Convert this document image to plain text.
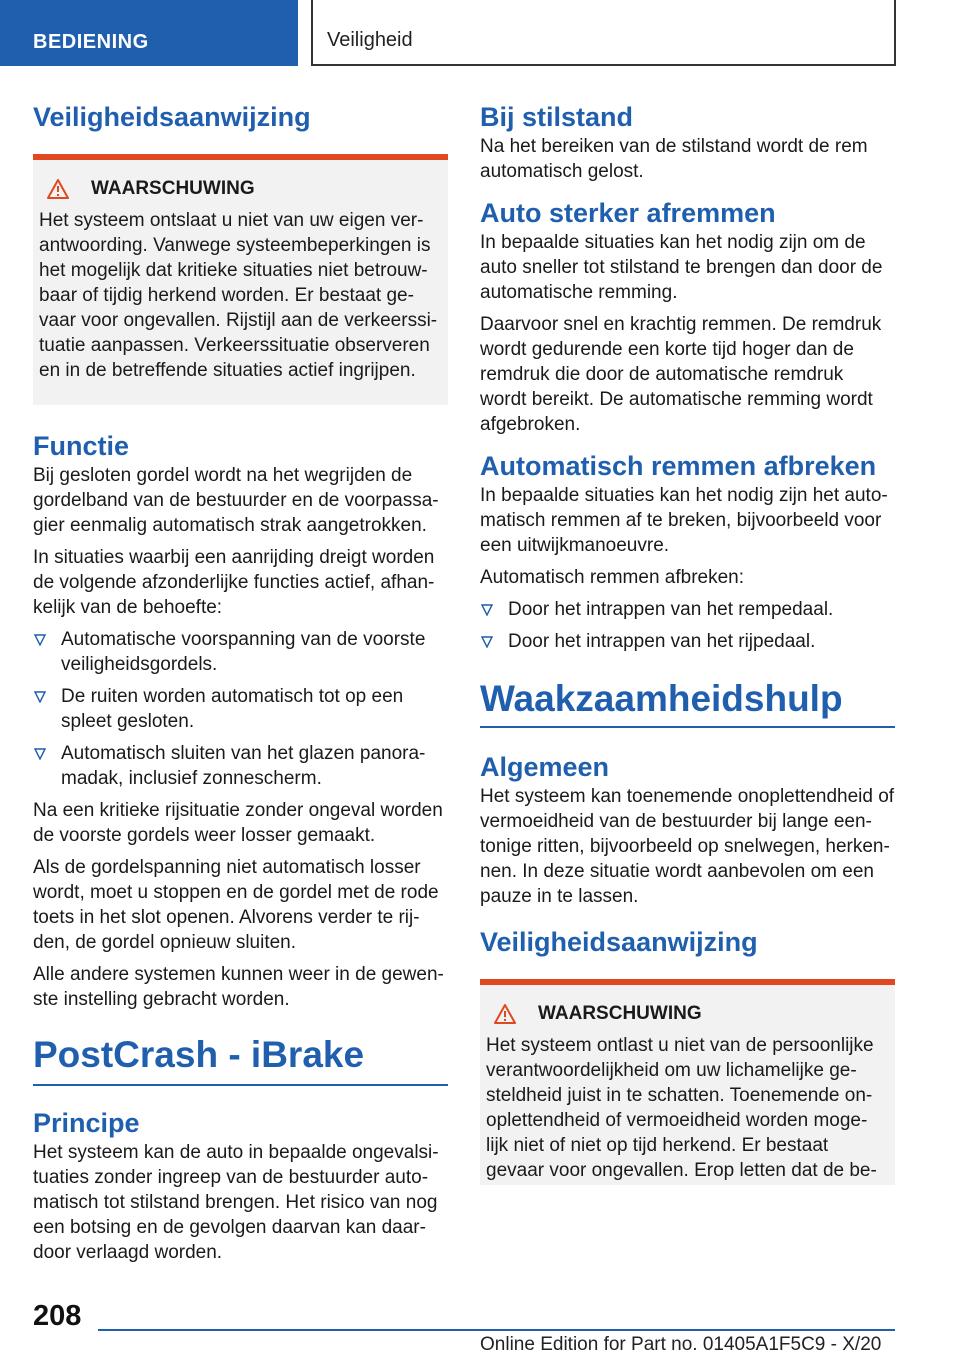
BEDIENING	Veiligheid
Veiligheidsaanwijzing
WAARSCHUWING

Het systeem ontslaat u niet van uw eigen ver-antwoording. Vanwege systeembeperkingen is het mogelijk dat kritieke situaties niet betrouw-baar of tijdig herkend worden. Er bestaat ge-vaar voor ongevallen. Rijstijl aan de verkeerssi-tuatie aanpassen. Verkeerssituatie observeren en in de betreffende situaties actief ingrijpen.

Functie

Bij gesloten gordel wordt na het wegrijden de gordelband van de bestuurder en de voorpassa-gier eenmalig automatisch strak aangetrokken.

In situaties waarbij een aanrijding dreigt worden de volgende afzonderlijke functies actief, afhan-kelijk van de behoefte:

Automatische voorspanning van de voorste veiligheidsgordels.
De ruiten worden automatisch tot op een spleet gesloten.
Automatisch sluiten van het glazen panora-madak, inclusief zonnescherm.

Na een kritieke rijsituatie zonder ongeval worden de voorste gordels weer losser gemaakt.

Als de gordelspanning niet automatisch losser wordt, moet u stoppen en de gordel met de rode toets in het slot openen. Alvorens verder te rij-den, de gordel opnieuw sluiten.

Alle andere systemen kunnen weer in de gewen-ste instelling gebracht worden.

PostCrash - iBrake
Principe

Het systeem kan de auto in bepaalde ongevalsi-tuaties zonder ingreep van de bestuurder auto-matisch tot stilstand brengen. Het risico van nog een botsing en de gevolgen daarvan kan daar-door verlaagd worden.

Bij stilstand

Na het bereiken van de stilstand wordt de rem automatisch gelost.

Auto sterker afremmen

In bepaalde situaties kan het nodig zijn om de auto sneller tot stilstand te brengen dan door de automatische remming.

Daarvoor snel en krachtig remmen. De remdruk wordt gedurende een korte tijd hoger dan de remdruk die door de automatische remdruk wordt bereikt. De automatische remming wordt afgebroken.

Automatisch remmen afbreken

In bepaalde situaties kan het nodig zijn het auto-matisch remmen af te breken, bijvoorbeeld voor een uitwijkmanoeuvre.

Automatisch remmen afbreken:

Door het intrappen van het rempedaal.
Door het intrappen van het rijpedaal.
Waakzaamheidshulp
Algemeen

Het systeem kan toenemende onoplettendheid of vermoeidheid van de bestuurder bij lange een-tonige ritten, bijvoorbeeld op snelwegen, herken-nen. In deze situatie wordt aanbevolen om een pauze in te lassen.

Veiligheidsaanwijzing
WAARSCHUWING

Het systeem ontlast u niet van de persoonlijke verantwoordelijkheid om uw lichamelijke ge-steldheid juist in te schatten. Toenemende on-oplettendheid of vermoeidheid worden moge-lijk niet of niet op tijd herkend. Er bestaat gevaar voor ongevallen. Erop letten dat de be-

208
Online Edition for Part no. 01405A1F5C9 - X/20
